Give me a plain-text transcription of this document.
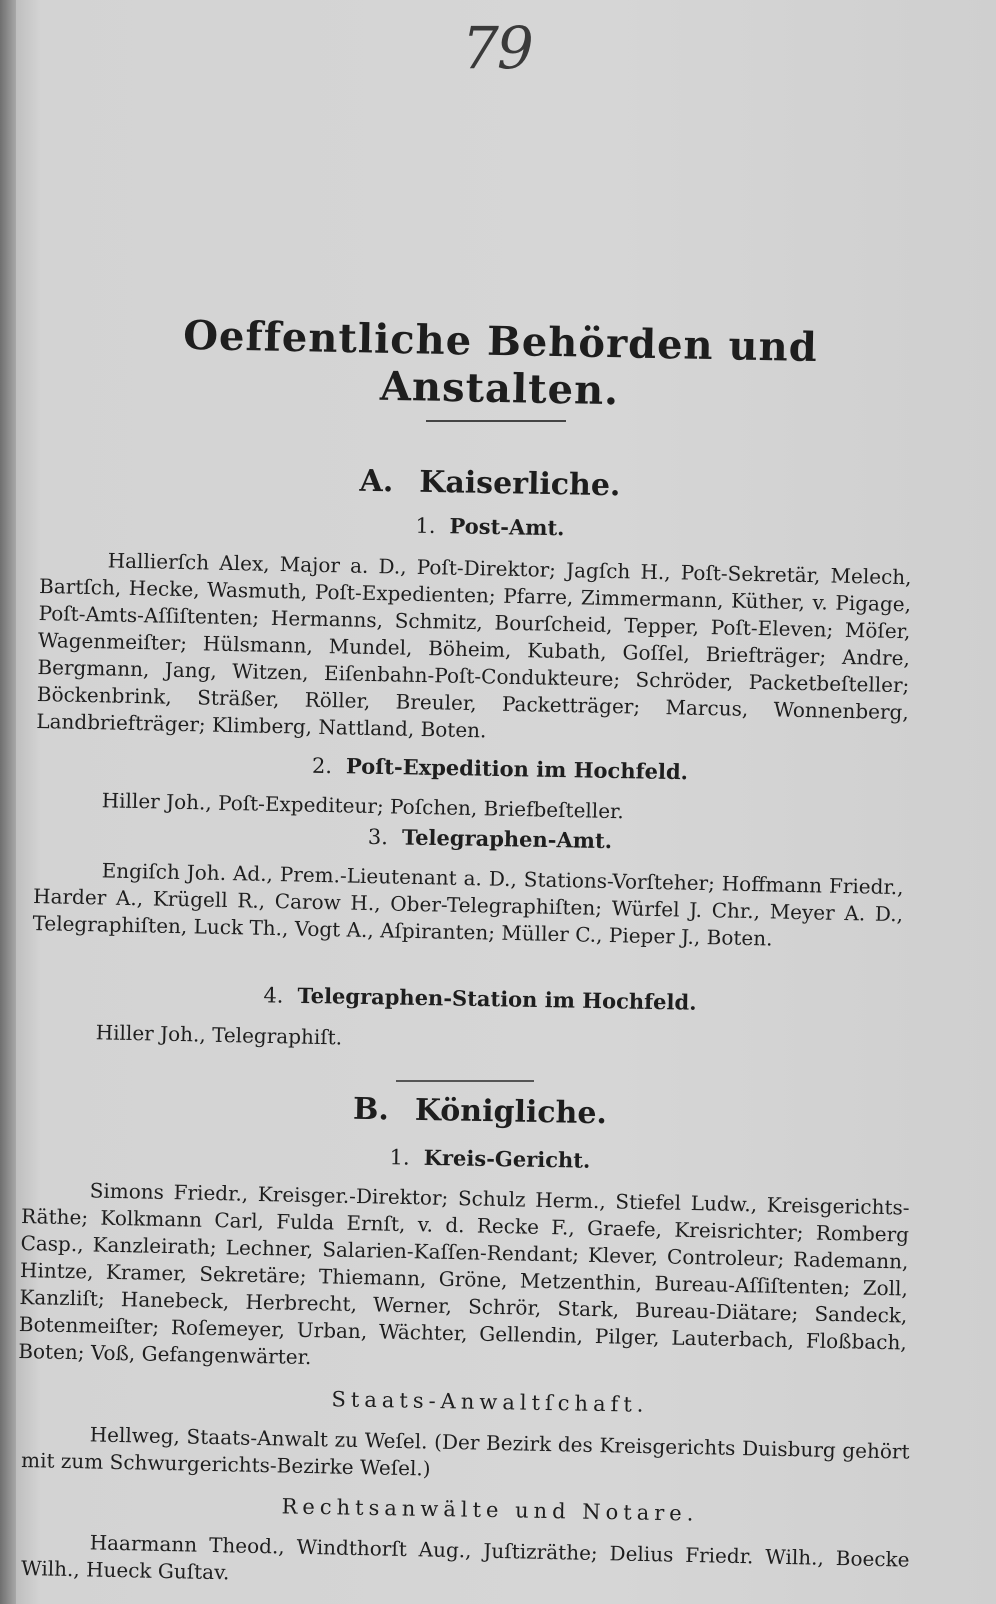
79
Oeffentliche Behörden und Anstalten.
A. Kaiserliche.
1. Post-Amt.
Hallierſch Alex, Major a. D., Poſt-Direktor; Jagſch H., Poſt-Sekretär, Melech, Bartſch, Hecke, Wasmuth, Poſt-Expedienten; Pfarre, Zimmermann, Küther, v. Pigage, Poſt-Amts-Aſſiſtenten; Hermanns, Schmitz, Bourſcheid, Tepper, Poſt-Eleven; Möſer, Wagenmeiſter; Hülsmann, Mundel, Böheim, Kubath, Goſſel, Briefträger; Andre, Bergmann, Jang, Witzen, Eiſenbahn-Poſt-Condukteure; Schröder, Packetbeſteller; Böckenbrink, Sträßer, Röller, Breuler, Packetträger; Marcus, Wonnenberg, Landbriefträger; Klimberg, Nattland, Boten.
2. Poſt-Expedition im Hochfeld.
Hiller Joh., Poſt-Expediteur; Poſchen, Briefbeſteller.
3. Telegraphen-Amt.
Engiſch Joh. Ad., Prem.-Lieutenant a. D., Stations-Vorſteher; Hoffmann Friedr., Harder A., Krügell R., Carow H., Ober-Telegraphiſten; Würfel J. Chr., Meyer A. D., Telegraphiſten, Luck Th., Vogt A., Aſpiranten; Müller C., Pieper J., Boten.
4. Telegraphen-Station im Hochfeld.
Hiller Joh., Telegraphiſt.
B. Königliche.
1. Kreis-Gericht.
Simons Friedr., Kreisger.-Direktor; Schulz Herm., Stiefel Ludw., Kreisgerichts-Räthe; Kolkmann Carl, Fulda Ernſt, v. d. Recke F., Graefe, Kreisrichter; Romberg Casp., Kanzleirath; Lechner, Salarien-Kaſſen-Rendant; Klever, Controleur; Rademann, Hintze, Kramer, Sekretäre; Thiemann, Gröne, Metzenthin, Bureau-Aſſiſtenten; Zoll, Kanzliſt; Hanebeck, Herbrecht, Werner, Schrör, Stark, Bureau-Diätare; Sandeck, Botenmeiſter; Roſemeyer, Urban, Wächter, Gellendin, Pilger, Lauterbach, Floßbach, Boten; Voß, Gefangenwärter.
Staats-Anwaltſchaft.
Hellweg, Staats-Anwalt zu Weſel. (Der Bezirk des Kreisgerichts Duisburg gehört mit zum Schwurgerichts-Bezirke Weſel.)
Rechtsanwälte und Notare.
Haarmann Theod., Windthorſt Aug., Juſtizräthe; Delius Friedr. Wilh., Boecke Wilh., Hueck Guſtav.
